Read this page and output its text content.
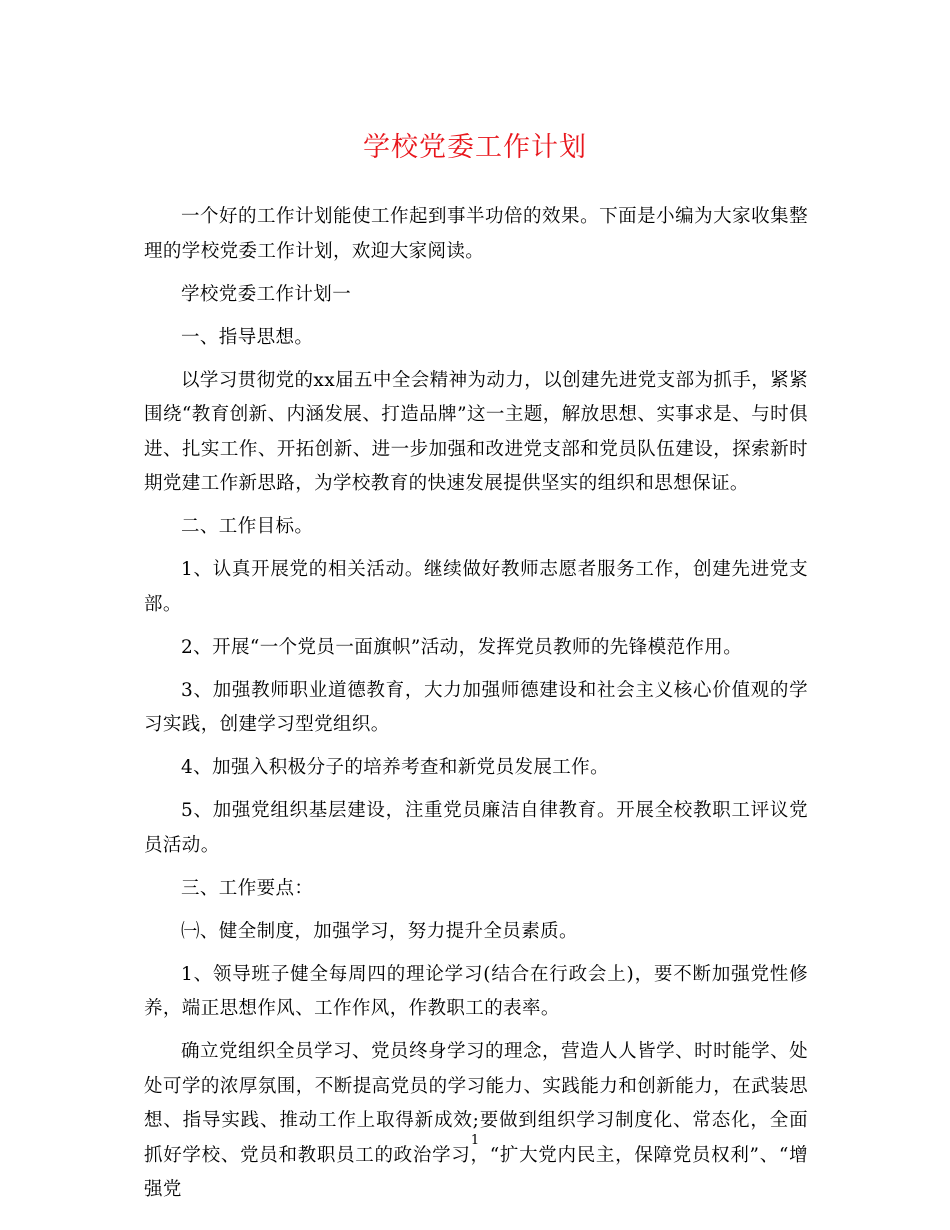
学校党委工作计划

一个好的工作计划能使工作起到事半功倍的效果。下面是小编为大家收集整理的学校党委工作计划，欢迎大家阅读。

学校党委工作计划一

一、指导思想。

以学习贯彻党的xx届五中全会精神为动力，以创建先进党支部为抓手，紧紧围绕“教育创新、内涵发展、打造品牌”这一主题，解放思想、实事求是、与时俱进、扎实工作、开拓创新、进一步加强和改进党支部和党员队伍建设，探索新时期党建工作新思路，为学校教育的快速发展提供坚实的组织和思想保证。

二、工作目标。

1、认真开展党的相关活动。继续做好教师志愿者服务工作，创建先进党支部。

2、开展“一个党员一面旗帜”活动，发挥党员教师的先锋模范作用。

3、加强教师职业道德教育，大力加强师德建设和社会主义核心价值观的学习实践，创建学习型党组织。

4、加强入积极分子的培养考查和新党员发展工作。

5、加强党组织基层建设，注重党员廉洁自律教育。开展全校教职工评议党员活动。

三、工作要点：

㈠、健全制度，加强学习，努力提升全员素质。

1、领导班子健全每周四的理论学习(结合在行政会上)，要不断加强党性修养，端正思想作风、工作作风，作教职工的表率。

确立党组织全员学习、党员终身学习的理念，营造人人皆学、时时能学、处处可学的浓厚氛围，不断提高党员的学习能力、实践能力和创新能力，在武装思想、指导实践、推动工作上取得新成效;要做到组织学习制度化、常态化，全面抓好学校、党员和教职员工的政治学习，“扩大党内民主，保障党员权利”、“增强党

1
